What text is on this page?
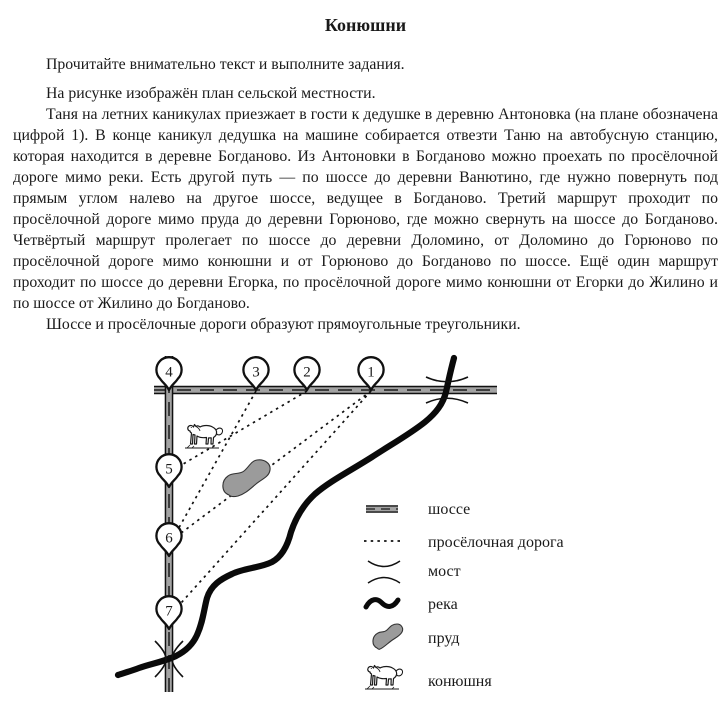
Конюшни

Прочитайте внимательно текст и выполните задания.

На рисунке изображён план сельской местности.

Таня на летних каникулах приезжает в гости к дедушке в деревню Антоновка (на плане обозначена цифрой 1). В конце каникул дедушка на машине собирается отвезти Таню на автобусную станцию, которая находится в деревне Богданово. Из Антоновки в Богданово можно проехать по просёлочной дороге мимо реки. Есть другой путь — по шоссе до деревни Ванютино, где нужно повернуть под прямым углом налево на другое шоссе, ведущее в Богданово. Третий маршрут проходит по просёлочной дороге мимо пруда до деревни Горюново, где можно свернуть на шоссе до Богданово. Четвёртый маршрут пролегает по шоссе до деревни Доломино, от Доломино до Горюново по просёлочной дороге мимо конюшни и от Горюново до Богданово по шоссе. Ещё один маршрут проходит по шоссе до деревни Егорка, по просёлочной дороге мимо конюшни от Егорки до Жилино и по шоссе от Жилино до Богданово.

Шоссе и просёлочные дороги образуют прямоугольные треугольники.

1
2
3
4
5
6
7
шоссе
просёлочная дорога
мост
река
пруд
конюшня
